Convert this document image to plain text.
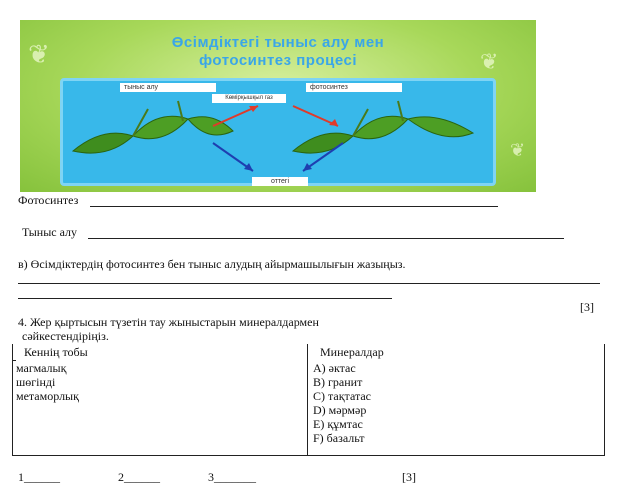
❦	❦
❦
Өсімдіктегі тыныс алу мен
фотосинтез процесі
тыныс алу	фотосинтез
Көмірқышқыл газ
оттегі
Фотосинтез
Тыныс алу
в) Өсімдіктердің фотосинтез бен тыныс алудың айырмашылығын жазыңыз.
[3]
4. Жер қыртысын түзетін тау жыныстарын минералдармен
сәйкестендіріңіз.
Кеннің тобы	Минералдар
магмалық
шөгінді
метаморлық
А) әктас
В) гранит
С) тақтатас
D) мәрмәр
Е) құмтас
F) базальт
1______	2______	3_______	[3]
